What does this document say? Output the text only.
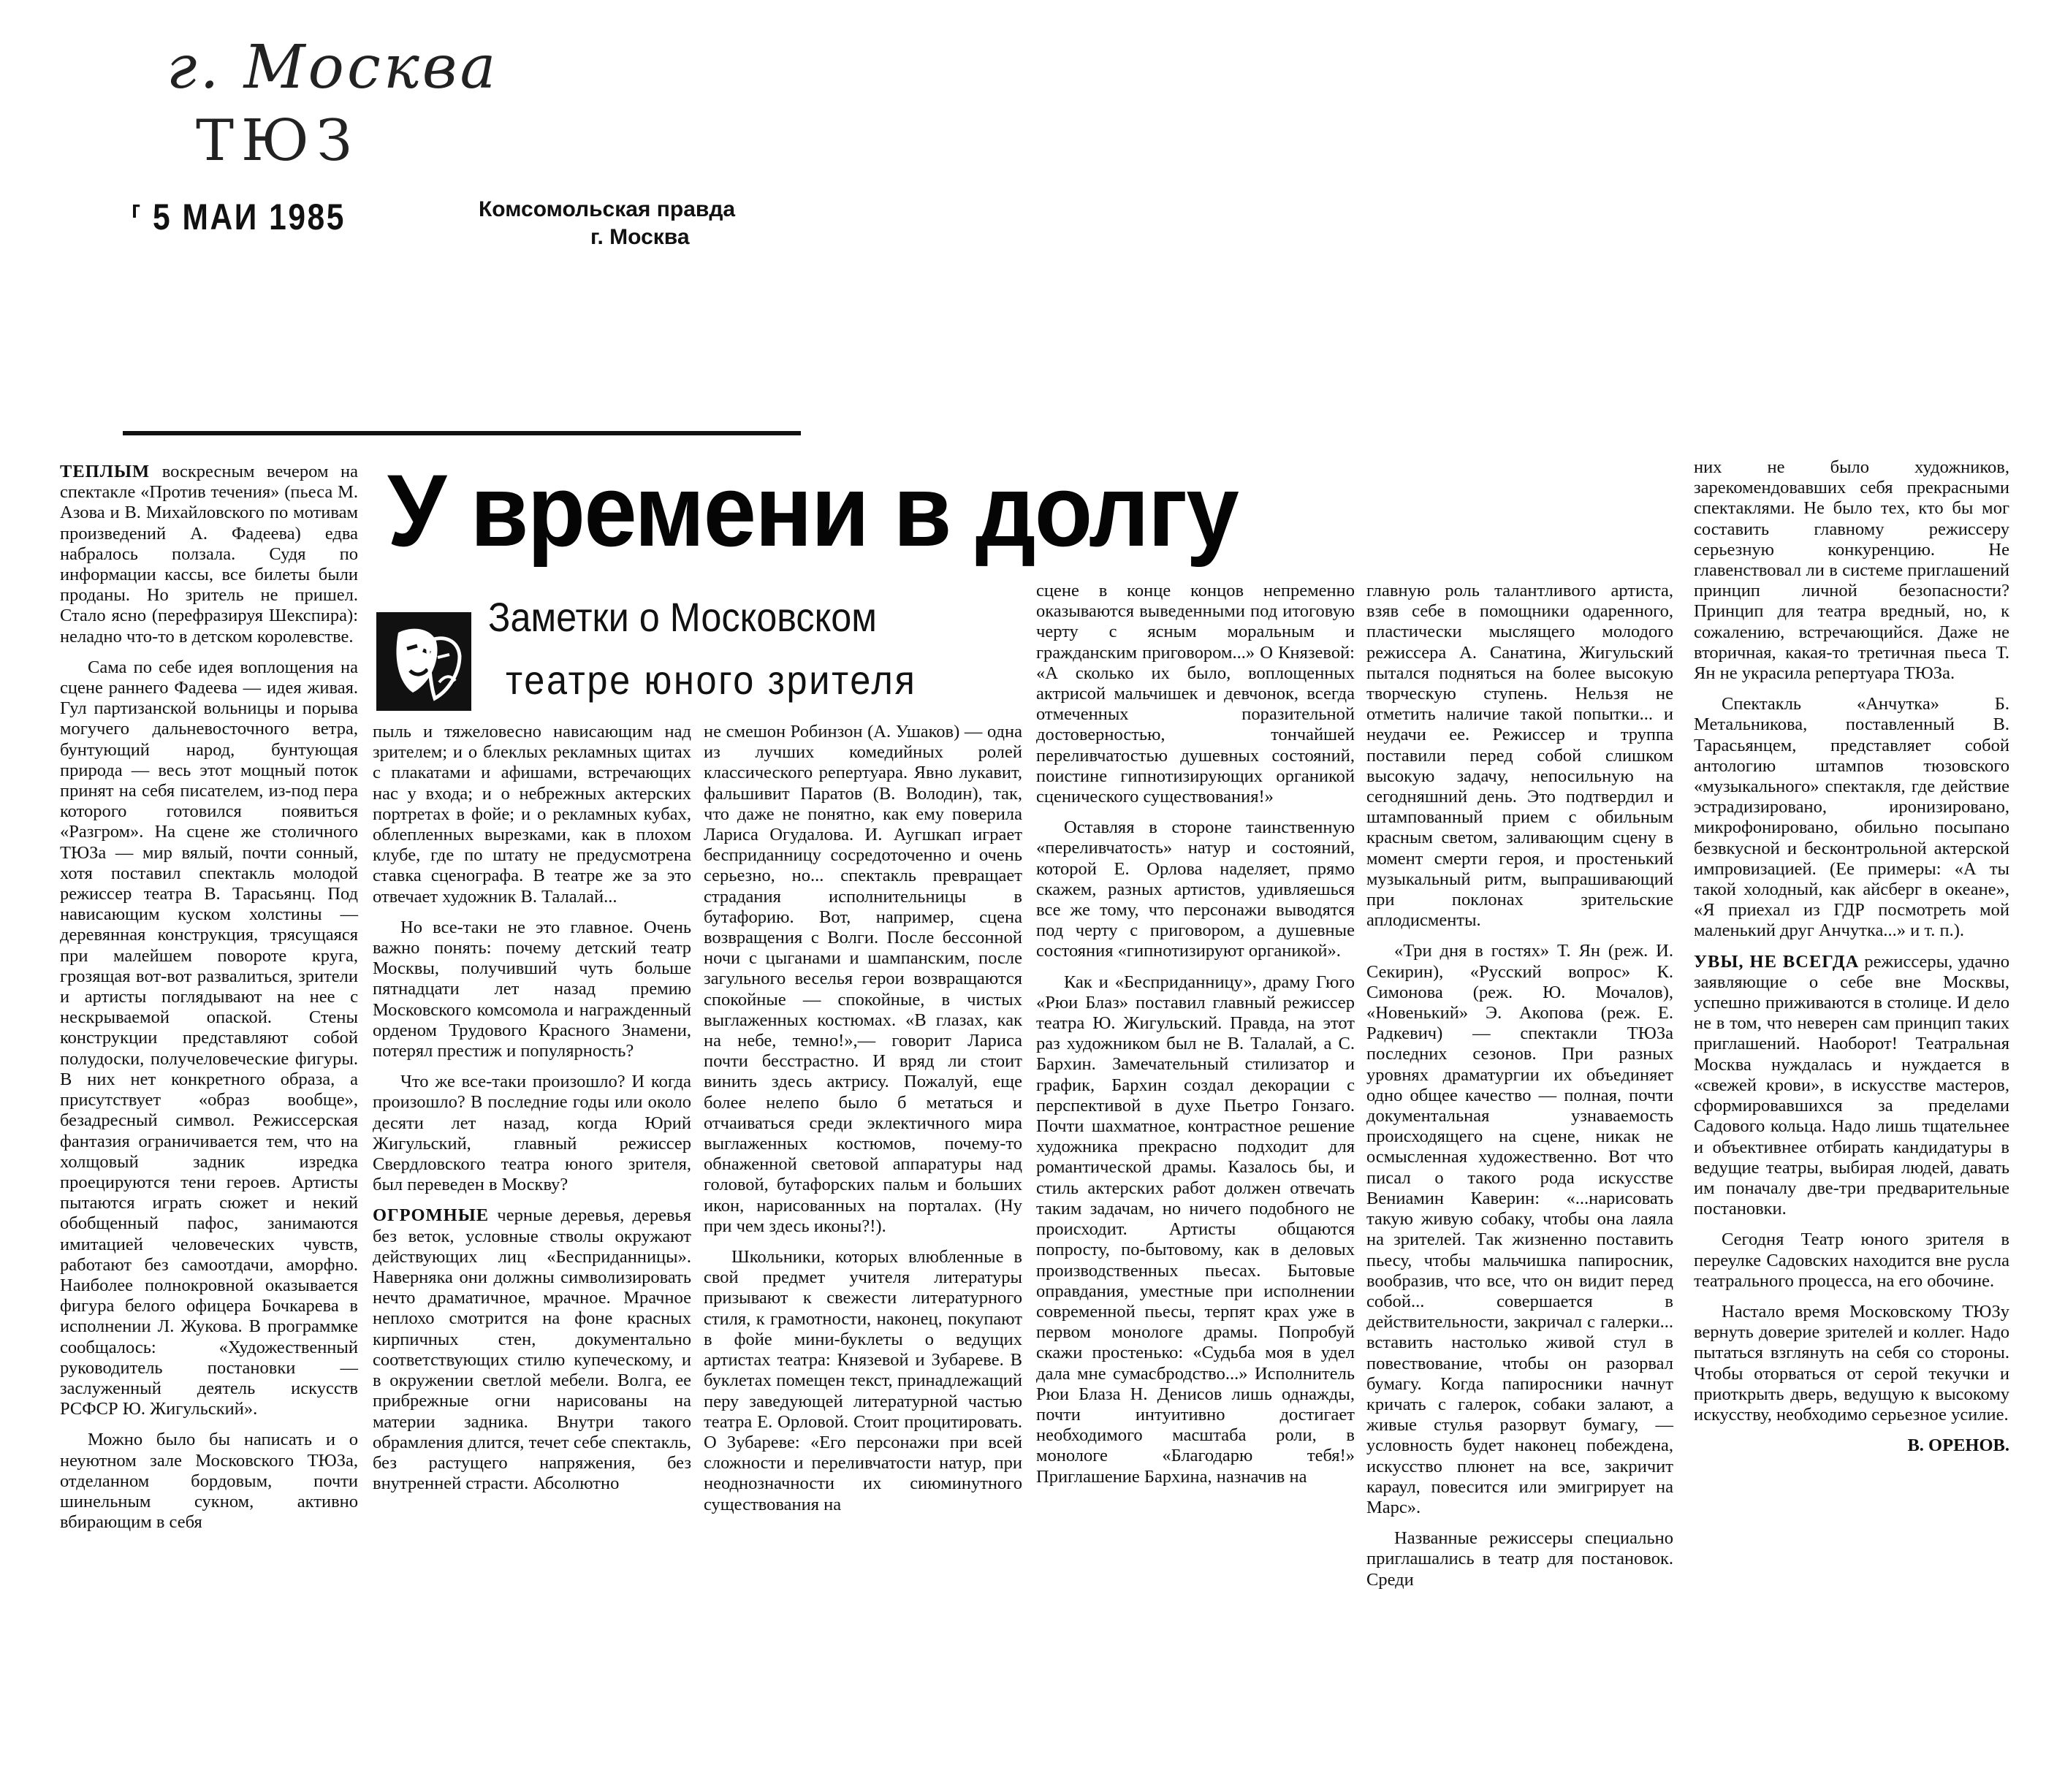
г. Москва
ТЮЗ
$^г$ 5 МАИ 1985	Комсомольская правда
г. Москва
У времени в долгу
Заметки о Московском
театре юного зрителя

ТЕПЛЫМ воскресным вечером на спектакле «Против течения» (пьеса М. Азова и В. Михайловского по мотивам произведений А. Фадеева) едва набралось ползала. Судя по информации кассы, все билеты были проданы. Но зритель не пришел. Стало ясно (перефразируя Шекспира): неладно что-то в детском королевстве.

Сама по себе идея воплощения на сцене раннего Фадеева — идея живая. Гул партизанской вольницы и порыва могучего дальневосточного ветра, бунтующий народ, бунтующая природа — весь этот мощный поток принят на себя писателем, из-под пера которого готовился появиться «Разгром». На сцене же столичного ТЮЗа — мир вялый, почти сонный, хотя поставил спектакль молодой режиссер театра В. Тарасьянц. Под нависающим куском холстины — деревянная конструкция, трясущаяся при малейшем повороте круга, грозящая вот-вот развалиться, зрители и артисты поглядывают на нее с нескрываемой опаской. Стены конструкции представляют собой полудоски, получеловеческие фигуры. В них нет конкретного образа, а присутствует «образ вообще», безадресный символ. Режиссерская фантазия ограничивается тем, что на холщовый задник изредка проецируются тени героев. Артисты пытаются играть сюжет и некий обобщенный пафос, занимаются имитацией человеческих чувств, работают без самоотдачи, аморфно. Наиболее полнокровной оказывается фигура белого офицера Бочкарева в исполнении Л. Жукова. В программке сообщалось: «Художественный руководитель постановки — заслуженный деятель искусств РСФСР Ю. Жигульский».

Можно было бы написать и о неуютном зале Московского ТЮЗа, отделанном бордовым, почти шинельным сукном, активно вбирающим в себя

пыль и тяжеловесно нависающим над зрителем; и о блеклых рекламных щитах с плакатами и афишами, встречающих нас у входа; и о небрежных актерских портретах в фойе; и о рекламных кубах, облепленных вырезками, как в плохом клубе, где по штату не предусмотрена ставка сценографа. В театре же за это отвечает художник В. Талалай...

Но все-таки не это главное. Очень важно понять: почему детский театр Москвы, получивший чуть больше пятнадцати лет назад премию Московского комсомола и награжденный орденом Трудового Красного Знамени, потерял престиж и популярность?

Что же все-таки произошло? И когда произошло? В последние годы или около десяти лет назад, когда Юрий Жигульский, главный режиссер Свердловского театра юного зрителя, был переведен в Москву?

ОГРОМНЫЕ черные деревья, деревья без веток, условные стволы окружают действующих лиц «Бесприданницы». Наверняка они должны символизировать нечто драматичное, мрачное. Мрачное неплохо смотрится на фоне красных кирпичных стен, документально соответствующих стилю купеческому, и в окружении светлой мебели. Волга, ее прибрежные огни нарисованы на материи задника. Внутри такого обрамления длится, течет себе спектакль, без растущего напряжения, без внутренней страсти. Абсолютно

не смешон Робинзон (А. Ушаков) — одна из лучших комедийных ролей классического репертуара. Явно лукавит, фальшивит Паратов (В. Володин), так, что даже не понятно, как ему поверила Лариса Огудалова. И. Аугшкап играет бесприданницу сосредоточенно и очень серьезно, но... спектакль превращает страдания исполнительницы в бутафорию. Вот, например, сцена возвращения с Волги. После бессонной ночи с цыганами и шампанским, после загульного веселья герои возвращаются спокойные — спокойные, в чистых выглаженных костюмах. «В глазах, как на небе, темно!»,— говорит Лариса почти бесстрастно. И вряд ли стоит винить здесь актрису. Пожалуй, еще более нелепо было б метаться и отчаиваться среди эклектичного мира выглаженных костюмов, почему-то обнаженной световой аппаратуры над головой, бутафорских пальм и больших икон, нарисованных на порталах. (Ну при чем здесь иконы?!).

Школьники, которых влюбленные в свой предмет учителя литературы призывают к свежести литературного стиля, к грамотности, наконец, покупают в фойе мини-буклеты о ведущих артистах театра: Князевой и Зубареве. В буклетах помещен текст, принадлежащий перу заведующей литературной частью театра Е. Орловой. Стоит процитировать. О Зубареве: «Его персонажи при всей сложности и переливчатости натур, при неоднозначности их сиюминутного существования на

сцене в конце концов непременно оказываются выведенными под итоговую черту с ясным моральным и гражданским приговором...» О Князевой: «А сколько их было, воплощенных актрисой мальчишек и девчонок, всегда отмеченных поразительной достоверностью, тончайшей переливчатостью душевных состояний, поистине гипнотизирующих органикой сценического существования!»

Оставляя в стороне таинственную «переливчатость» натур и состояний, которой Е. Орлова наделяет, прямо скажем, разных артистов, удивляешься все же тому, что персонажи выводятся под черту с приговором, а душевные состояния «гипнотизируют органикой».

Как и «Бесприданницу», драму Гюго «Рюи Блаз» поставил главный режиссер театра Ю. Жигульский. Правда, на этот раз художником был не В. Талалай, а С. Бархин. Замечательный стилизатор и график, Бархин создал декорации с перспективой в духе Пьетро Гонзаго. Почти шахматное, контрастное решение художника прекрасно подходит для романтической драмы. Казалось бы, и стиль актерских работ должен отвечать таким задачам, но ничего подобного не происходит. Артисты общаются попросту, по-бытовому, как в деловых производственных пьесах. Бытовые оправдания, уместные при исполнении современной пьесы, терпят крах уже в первом монологе драмы. Попробуй скажи простенько: «Судьба моя в удел дала мне сумасбродство...» Исполнитель Рюи Блаза Н. Денисов лишь однажды, почти интуитивно достигает необходимого масштаба роли, в монологе «Благодарю тебя!» Приглашение Бархина, назначив на

главную роль талантливого артиста, взяв себе в помощники одаренного, пластически мыслящего молодого режиссера А. Санатина, Жигульский пытался подняться на более высокую творческую ступень. Нельзя не отметить наличие такой попытки... и неудачи ее. Режиссер и труппа поставили перед собой слишком высокую задачу, непосильную на сегодняшний день. Это подтвердил и штампованный прием с обильным красным светом, заливающим сцену в момент смерти героя, и простенький музыкальный ритм, выпрашивающий при поклонах зрительские аплодисменты.

«Три дня в гостях» Т. Ян (реж. И. Секирин), «Русский вопрос» К. Симонова (реж. Ю. Мочалов), «Новенький» Э. Акопова (реж. Е. Радкевич) — спектакли ТЮЗа последних сезонов. При разных уровнях драматургии их объединяет одно общее качество — полная, почти документальная узнаваемость происходящего на сцене, никак не осмысленная художественно. Вот что писал о такого рода искусстве Вениамин Каверин: «...нарисовать такую живую собаку, чтобы она лаяла на зрителей. Так жизненно поставить пьесу, чтобы мальчишка папиросник, вообразив, что все, что он видит перед собой... совершается в действительности, закричал с галерки... вставить настолько живой стул в повествование, чтобы он разорвал бумагу. Когда папиросники начнут кричать с галерок, собаки залают, а живые стулья разорвут бумагу, — условность будет наконец побеждена, искусство плюнет на все, закричит караул, повесится или эмигрирует на Марс».

Названные режиссеры специально приглашались в театр для постановок. Среди

них не было художников, зарекомендовавших себя прекрасными спектаклями. Не было тех, кто бы мог составить главному режиссеру серьезную конкуренцию. Не главенствовал ли в системе приглашений принцип личной безопасности? Принцип для театра вредный, но, к сожалению, встречающийся. Даже не вторичная, какая-то третичная пьеса Т. Ян не украсила репертуара ТЮЗа.

Спектакль «Анчутка» Б. Метальникова, поставленный В. Тарасьянцем, представляет собой антологию штампов тюзовского «музыкального» спектакля, где действие эстрадизировано, иронизировано, микрофонировано, обильно посыпано безвкусной и бесконтрольной актерской импровизацией. (Ее примеры: «А ты такой холодный, как айсберг в океане», «Я приехал из ГДР посмотреть мой маленький друг Анчутка...» и т. п.).

УВЫ, НЕ ВСЕГДА режиссеры, удачно заявляющие о себе вне Москвы, успешно приживаются в столице. И дело не в том, что неверен сам принцип таких приглашений. Наоборот! Театральная Москва нуждалась и нуждается в «свежей крови», в искусстве мастеров, сформировавшихся за пределами Садового кольца. Надо лишь тщательнее и объективнее отбирать кандидатуры в ведущие театры, выбирая людей, давать им поначалу две-три предварительные постановки.

Сегодня Театр юного зрителя в переулке Садовских находится вне русла театрального процесса, на его обочине.

Настало время Московскому ТЮЗу вернуть доверие зрителей и коллег. Надо пытаться взглянуть на себя со стороны. Чтобы оторваться от серой текучки и приоткрыть дверь, ведущую к высокому искусству, необходимо серьезное усилие.

В. ОРЕНОВ.
